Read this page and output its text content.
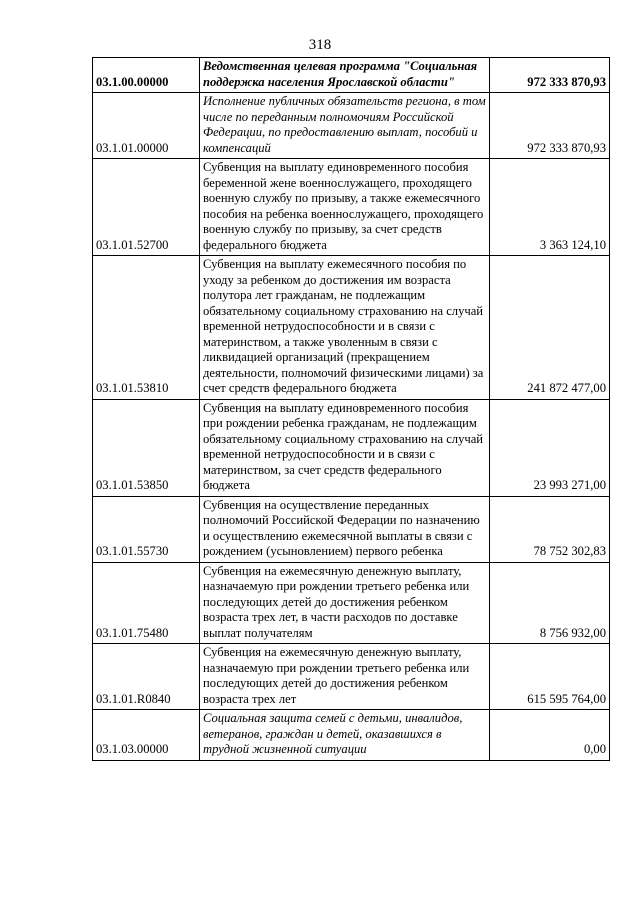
318
03.1.00.00000	Ведомственная целевая программа "Социальная поддержка населения Ярославской области"	972 333 870,93
03.1.01.00000	Исполнение публичных обязательств региона, в том числе по переданным полномочиям Российской Федерации, по предоставлению выплат, пособий и компенсаций	972 333 870,93
03.1.01.52700	Субвенция на выплату единовременного пособия беременной жене военнослужащего, проходящего военную службу по призыву, а также ежемесячного пособия на ребенка военнослужащего, проходящего военную службу по призыву, за счет средств федерального бюджета	3 363 124,10
03.1.01.53810	Субвенция на выплату ежемесячного пособия по уходу за ребенком до достижения им возраста полутора лет гражданам, не подлежащим обязательному социальному страхованию на случай временной нетрудоспособности и в связи с материнством, а также уволенным в связи с ликвидацией организаций (прекращением деятельности, полномочий физическими лицами) за счет средств федерального бюджета	241 872 477,00
03.1.01.53850	Субвенция на выплату единовременного пособия при рождении ребенка гражданам, не подлежащим обязательному социальному страхованию на случай временной нетрудоспособности и в связи с материнством, за счет средств федерального бюджета	23 993 271,00
03.1.01.55730	Субвенция на осуществление переданных полномочий Российской Федерации по назначению и осуществлению ежемесячной выплаты в связи с рождением (усыновлением) первого ребенка	78 752 302,83
03.1.01.75480	Субвенция на ежемесячную денежную выплату, назначаемую при рождении третьего ребенка или последующих детей до достижения ребенком возраста трех лет, в части расходов по доставке выплат получателям	8 756 932,00
03.1.01.R0840	Субвенция на ежемесячную денежную выплату, назначаемую при рождении третьего ребенка или последующих детей до достижения ребенком возраста трех лет	615 595 764,00
03.1.03.00000	Социальная защита семей с детьми, инвалидов, ветеранов, граждан и детей, оказавшихся в трудной жизненной ситуации	0,00
